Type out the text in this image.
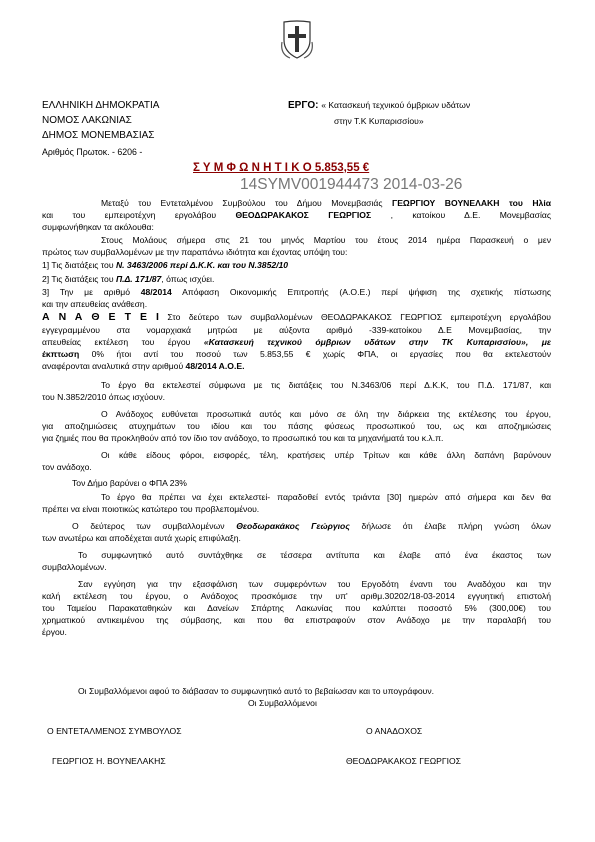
ΕΛΛΗΝΙΚΗ ΔΗΜΟΚΡΑΤΙΑ
ΝΟΜΟΣ ΛΑΚΩΝΙΑΣ
ΔΗΜΟΣ ΜΟΝΕΜΒΑΣΙΑΣ
Αριθμός Πρωτοκ. - 6206 -
ΕΡΓΟ: « Κατασκευή τεχνικού όμβριων υδάτων
στην Τ.Κ Κυπαρισσίου»
Σ Υ Μ Φ Ω Ν Η Τ Ι Κ Ο 5.853,55 €
14SYMV001944473 2014-03-26
Μεταξύ του Εντεταλμένου Συμβούλου του Δήμου Μονεμβασιάς ΓΕΩΡΓΙΟΥ ΒΟΥΝΕΛΑΚΗ του Ηλία
και του εμπειροτέχνη εργολάβου ΘΕΟΔΩΡΑΚΑΚΟΣ ΓΕΩΡΓΙΟΣ , κατοίκου Δ.Ε. Μονεμβασίας
συμφωνήθηκαν τα ακόλουθα:
Στους Μολάους σήμερα στις 21 του μηνός Μαρτίου του έτους 2014 ημέρα Παρασκευή ο μεν
πρώτος των συμβαλλομένων με την παραπάνω ιδιότητα και έχοντας υπόψη του:
1] Τις διατάξεις του Ν. 3463/2006 περί Δ.Κ.Κ. και του Ν.3852/10
2] Τις διατάξεις του Π.Δ. 171/87, όπως ισχύει.
3] Την με αριθμό 48/2014 Απόφαση Οικονομικής Επιτροπής (Α.Ο.Ε.) περί ψήφιση της σχετικής πίστωσης
και την απευθείας ανάθεση.
Α Ν Α Θ Ε Τ Ε Ι Στο δεύτερο των συμβαλλομένων ΘΕΟΔΩΡΑΚΑΚΟΣ ΓΕΩΡΓΙΟΣ εμπειροτέχνη εργολάβου
εγγεγραμμένου στα νομαρχιακά μητρώα με αύξοντα αριθμό -339-κατοίκου Δ.Ε Μονεμβασίας, την
απευθείας εκτέλεση του έργου «Κατασκευή τεχνικού όμβριων υδάτων στην ΤΚ Κυπαρισσίου», με
έκπτωση 0% ήτοι αντί του ποσού των 5.853,55 € χωρίς ΦΠΑ, οι εργασίες που θα εκτελεστούν
αναφέρονται αναλυτικά στην αριθμού 48/2014 Α.Ο.Ε.
Το έργο θα εκτελεστεί σύμφωνα με τις διατάξεις του Ν.3463/06 περί Δ.Κ.Κ, του Π.Δ. 171/87, και
του Ν.3852/2010 όπως ισχύουν.
Ο Ανάδοχος ευθύνεται προσωπικά αυτός και μόνο σε όλη την διάρκεια της εκτέλεσης του έργου,
για αποζημιώσεις ατυχημάτων του ιδίου και του πάσης φύσεως προσωπικού του, ως και αποζημιώσεις
για ζημιές που θα προκληθούν από τον ίδιο τον ανάδοχο, το προσωπικό του και τα μηχανήματά του κ.λ.π.
Οι κάθε είδους φόροι, εισφορές, τέλη, κρατήσεις υπέρ Τρίτων και κάθε άλλη δαπάνη βαρύνουν
τον ανάδοχο.
Τον Δήμο βαρύνει ο ΦΠΑ 23%
Το έργο θα πρέπει να έχει εκτελεστεί- παραδοθεί εντός τριάντα [30] ημερών από σήμερα και δεν θα
πρέπει να είναι ποιοτικώς κατώτερο του προβλεπομένου.
Ο δεύτερος των συμβαλλομένων Θεοδωρακάκος Γεώργιος δήλωσε ότι έλαβε πλήρη γνώση όλων
των ανωτέρω και αποδέχεται αυτά χωρίς επιφύλαξη.
Το συμφωνητικό αυτό συντάχθηκε σε τέσσερα αντίτυπα και έλαβε από ένα έκαστος των
συμβαλλομένων.
Σαν εγγύηση για την εξασφάλιση των συμφερόντων του Εργοδότη έναντι του Αναδόχου και την
καλή εκτέλεση του έργου, ο Ανάδοχος προσκόμισε την υπ' αριθμ.30202/18-03-2014 εγγυητική επιστολή
του Ταμείου Παρακαταθηκών και Δανείων Σπάρτης Λακωνίας που καλύπτει ποσοστό 5% (300,00€) του
χρηματικού αντικειμένου της σύμβασης, και που θα επιστραφούν στον Ανάδοχο με την παραλαβή του
έργου.
Οι Συμβαλλόμενοι αφού το διάβασαν το συμφωνητικό αυτό το βεβαίωσαν και το υπογράφουν.
Οι Συμβαλλόμενοι
Ο ΕΝΤΕΤΑΛΜΕΝΟΣ ΣΥΜΒΟΥΛΟΣ	Ο ΑΝΑΔΟΧΟΣ
ΓΕΩΡΓΙΟΣ Η. ΒΟΥΝΕΛΑΚΗΣ	ΘΕΟΔΩΡΑΚΑΚΟΣ ΓΕΩΡΓΙΟΣ
